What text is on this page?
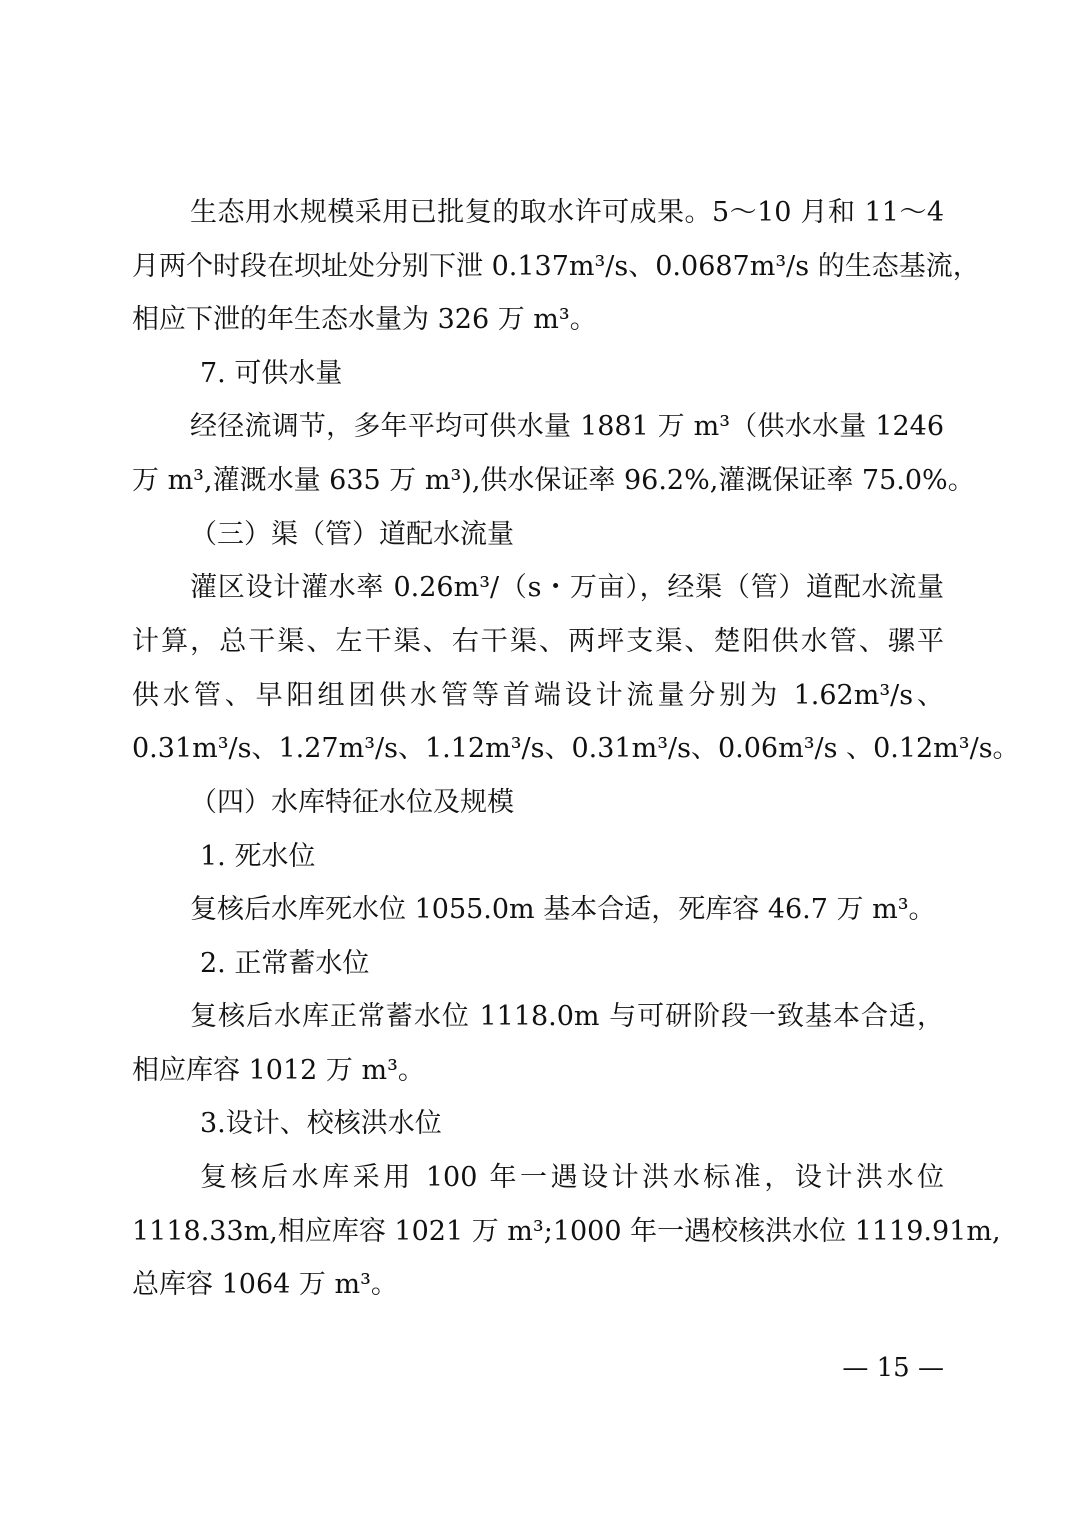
生态用水规模采用已批复的取水许可成果。5～10 月和 11～4
月两个时段在坝址处分别下泄 0.137m³/s、0.0687m³/s 的生态基流，
相应下泄的年生态水量为 326 万 m³。
7. 可供水量
经径流调节，多年平均可供水量 1881 万 m³（供水水量 1246
万 m³,灌溉水量 635 万 m³),供水保证率 96.2%,灌溉保证率 75.0%。
（三）渠（管）道配水流量
灌区设计灌水率 0.26m³/（s・万亩），经渠（管）道配水流量
计算，总干渠、左干渠、右干渠、两坪支渠、楚阳供水管、骡平
供水管、早阳组团供水管等首端设计流量分别为 1.62m³/s、
0.31m³/s、1.27m³/s、1.12m³/s、0.31m³/s、0.06m³/s 、0.12m³/s。
（四）水库特征水位及规模
1. 死水位
复核后水库死水位 1055.0m 基本合适，死库容 46.7 万 m³。
2. 正常蓄水位
复核后水库正常蓄水位 1118.0m 与可研阶段一致基本合适，
相应库容 1012 万 m³。
3.设计、校核洪水位
复核后水库采用 100 年一遇设计洪水标准，设计洪水位
1118.33m,相应库容 1021 万 m³;1000 年一遇校核洪水位 1119.91m,
总库容 1064 万 m³。
— 15 —
